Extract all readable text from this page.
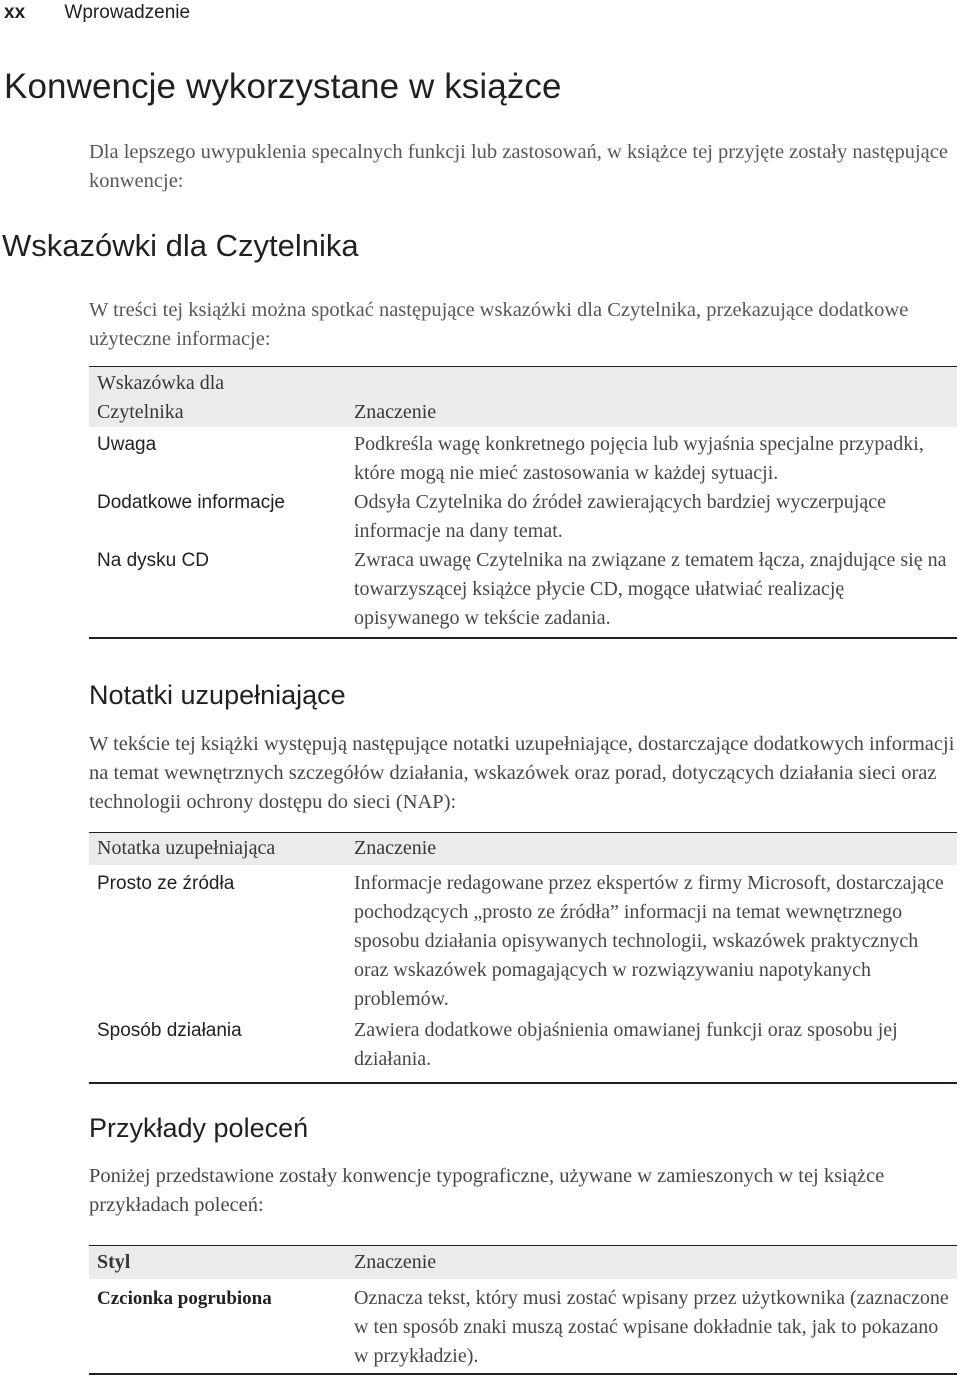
xx Wprowadzenie
Konwencje wykorzystane w książce

Dla lepszego uwypuklenia specalnych funkcji lub zastosowań, w książce tej przyjęte zostały następujące konwencje:

Wskazówki dla Czytelnika

W treści tej książki można spotkać następujące wskazówki dla Czytelnika, przekazujące dodatkowe użyteczne informacje:

Wskazówka dla
Czytelnika	Znaczenie
Uwaga	Podkreśla wagę konkretnego pojęcia lub wyjaśnia specjalne przypadki, które mogą nie mieć zastosowania w każdej sytuacji.
Dodatkowe informacje	Odsyła Czytelnika do źródeł zawierających bardziej wyczerpujące informacje na dany temat.
Na dysku CD	Zwraca uwagę Czytelnika na związane z tematem łącza, znajdujące się na towarzyszącej książce płycie CD, mogące ułatwiać realizację opisywanego w tekście zadania.
Notatki uzupełniające

W tekście tej książki występują następujące notatki uzupełniające, dostarczające dodatkowych informacji na temat wewnętrznych szczegółów działania, wskazówek oraz porad, dotyczących działania sieci oraz technologii ochrony dostępu do sieci (NAP):

Notatka uzupełniająca	Znaczenie
Prosto ze źródła	Informacje redagowane przez ekspertów z firmy Microsoft, dostarczające pochodzących „prosto ze źródła” informacji na temat wewnętrznego sposobu działania opisywanych technologii, wskazówek praktycznych oraz wskazówek pomagających w rozwiązywaniu napotykanych problemów.
Sposób działania	Zawiera dodatkowe objaśnienia omawianej funkcji oraz sposobu jej działania.
Przykłady poleceń

Poniżej przedstawione zostały konwencje typograficzne, używane w zamieszonych w tej książce przykładach poleceń:

Styl	Znaczenie
Czcionka pogrubiona	Oznacza tekst, który musi zostać wpisany przez użytkownika (zaznaczone w ten sposób znaki muszą zostać wpisane dokładnie tak, jak to pokazano w przykładzie).
